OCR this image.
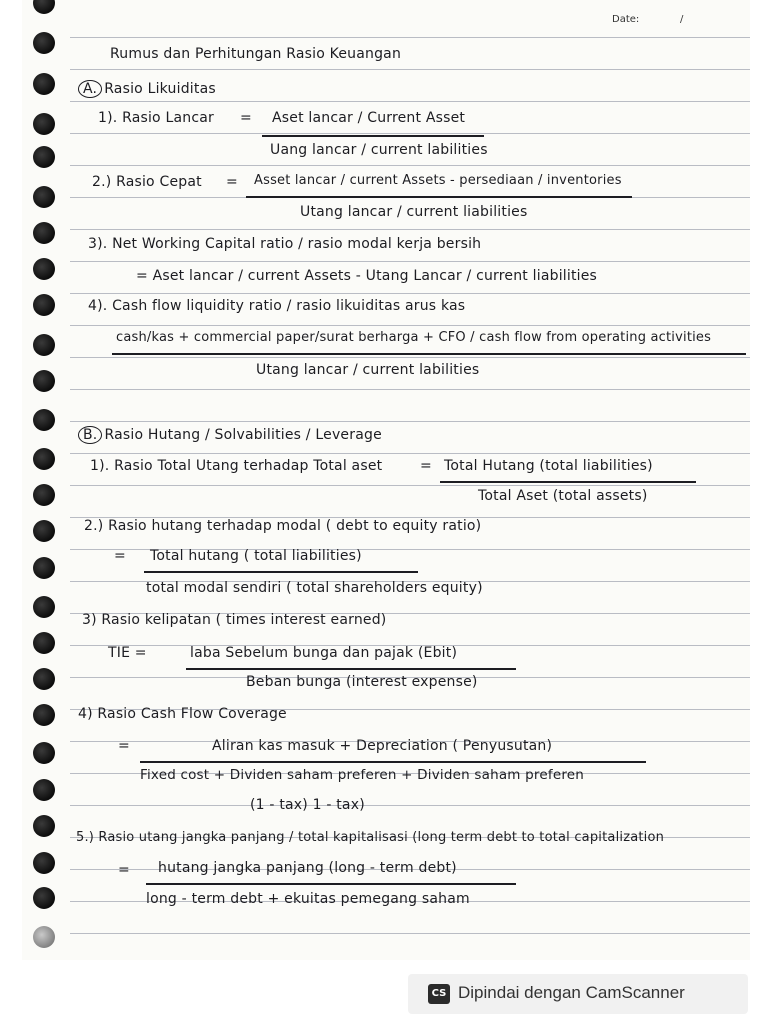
Date:	/
Rumus dan Perhitungan Rasio Keuangan
A. Rasio Likuiditas
1). Rasio Lancar = Aset lancar / Current Asset
Uang lancar / current labilities
2.) Rasio Cepat = Asset lancar / current Assets - persediaan / inventories
Utang lancar / current liabilities
3). Net Working Capital ratio / rasio modal kerja bersih
= Aset lancar / current Assets - Utang Lancar / current liabilities
4). Cash flow liquidity ratio / rasio likuiditas arus kas
cash/kas + commercial paper/surat berharga + CFO / cash flow from operating activities
Utang lancar / current labilities
B. Rasio Hutang / Solvabilities / Leverage
1). Rasio Total Utang terhadap Total aset	= Total Hutang (total liabilities)
Total Aset (total assets)
2.) Rasio hutang terhadap modal ( debt to equity ratio)
= Total hutang ( total liabilities)
total modal sendiri ( total shareholders equity)
3) Rasio kelipatan ( times interest earned)
TIE =	laba Sebelum bunga dan pajak (Ebit)
Beban bunga (interest expense)
4) Rasio Cash Flow Coverage
=	Aliran kas masuk + Depreciation ( Penyusutan)
Fixed cost + Dividen saham preferen + Dividen saham preferen
(1 - tax) 1 - tax)
5.) Rasio utang jangka panjang / total kapitalisasi (long term debt to total capitalization
= hutang jangka panjang (long - term debt)
long - term debt + ekuitas pemegang saham
CS Dipindai dengan CamScanner
